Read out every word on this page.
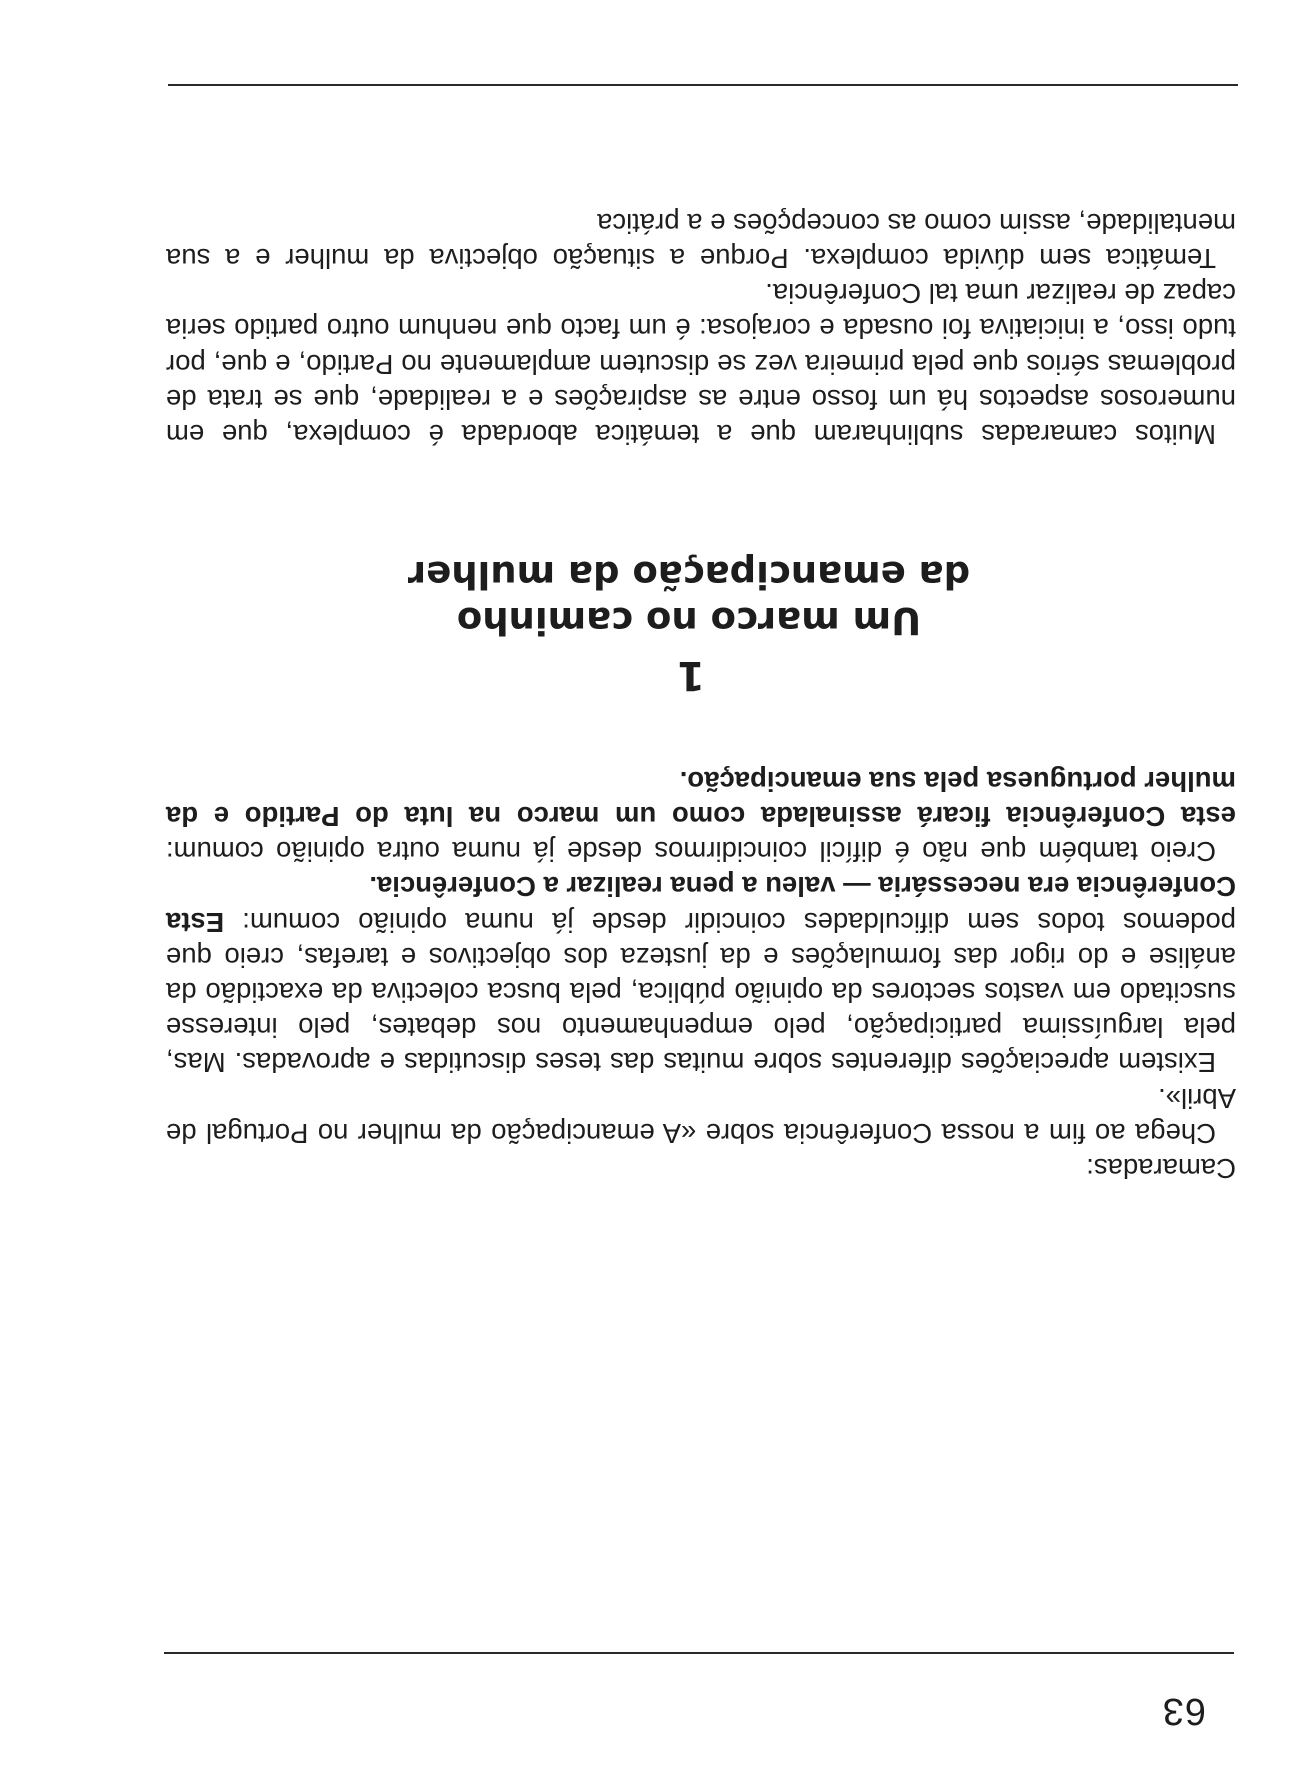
63

Camaradas:

Chega ao fim a nossa Conferência sobre «A emancipação da mulher no Portugal de Abril».

Existem apreciações diferentes sobre muitas das teses discutidas e aprovadas. Mas, pela larguíssima participação, pelo empenhamento nos debates, pelo interesse suscitado em vastos sectores da opinião pública, pela busca colectiva da exactidão da análise e do rigor das formulações e da justeza dos objectivos e tarefas, creio que podemos todos sem dificuldades coincidir desde já numa opinião comum: Esta Conferência era necessária — valeu a pena realizar a Conferência.

Creio também que não é difícil coincidirmos desde já numa outra opinião comum: esta Conferência ficará assinalada como um marco na luta do Partido e da mulher portuguesa pela sua emancipação.

1
Um marco no caminho
da emancipação da mulher

Muitos camaradas sublinharam que a temática abordada é complexa, que em numerosos aspectos há um fosso entre as aspirações e a realidade, que se trata de problemas sérios que pela primeira vez se discutem amplamente no Partido, e que, por tudo isso, a iniciativa foi ousada e corajosa: é um facto que nenhum outro partido seria capaz de realizar uma tal Conferência.

Temática sem dúvida complexa. Porque a situação objectiva da mulher e a sua mentalidade, assim como as concepções e a prática
